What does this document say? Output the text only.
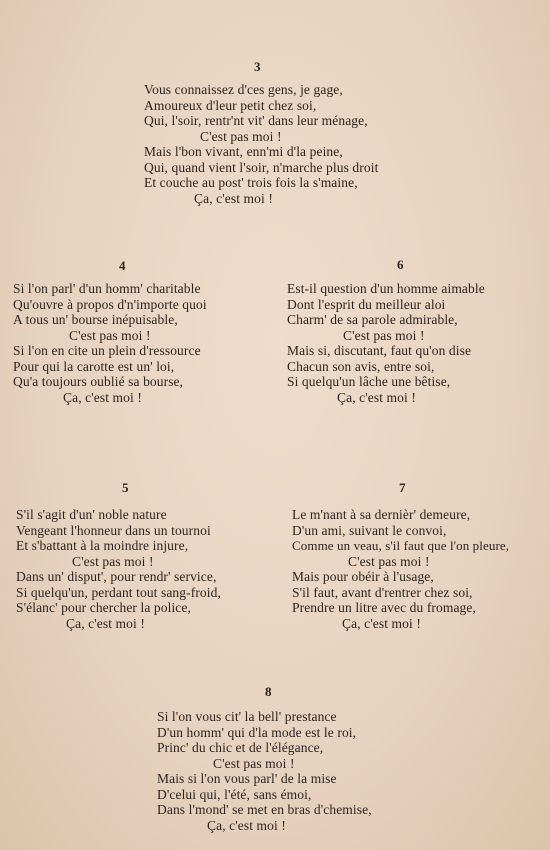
3
Vous connaissez d'ces gens, je gage,
Amoureux d'leur petit chez soi,
Qui, l'soir, rentr'nt vit' dans leur ménage,
C'est pas moi !
Mais l'bon vivant, enn'mi d'la peine,
Qui, quand vient l'soir, n'marche plus droit
Et couche au post' trois fois la s'maine,
Ça, c'est moi !
4
Si l'on parl' d'un homm' charitable
Qu'ouvre à propos d'n'importe quoi
A tous un' bourse inépuisable,
C'est pas moi !
Si l'on en cite un plein d'ressource
Pour qui la carotte est un' loi,
Qu'a toujours oublié sa bourse,
Ça, c'est moi !
6
Est-il question d'un homme aimable
Dont l'esprit du meilleur aloi
Charm' de sa parole admirable,
C'est pas moi !
Mais si, discutant, faut qu'on dise
Chacun son avis, entre soi,
Si quelqu'un lâche une bêtise,
Ça, c'est moi !
5
S'il s'agit d'un' noble nature
Vengeant l'honneur dans un tournoi
Et s'battant à la moindre injure,
C'est pas moi !
Dans un' disput', pour rendr' service,
Si quelqu'un, perdant tout sang-froid,
S'élanc' pour chercher la police,
Ça, c'est moi !
7
Le m'nant à sa dernièr' demeure,
D'un ami, suivant le convoi,
Comme un veau, s'il faut que l'on pleure,
C'est pas moi !
Mais pour obéir à l'usage,
S'il faut, avant d'rentrer chez soi,
Prendre un litre avec du fromage,
Ça, c'est moi !
8
Si l'on vous cit' la bell' prestance
D'un homm' qui d'la mode est le roi,
Princ' du chic et de l'élégance,
C'est pas moi !
Mais si l'on vous parl' de la mise
D'celui qui, l'été, sans émoi,
Dans l'mond' se met en bras d'chemise,
Ça, c'est moi !
